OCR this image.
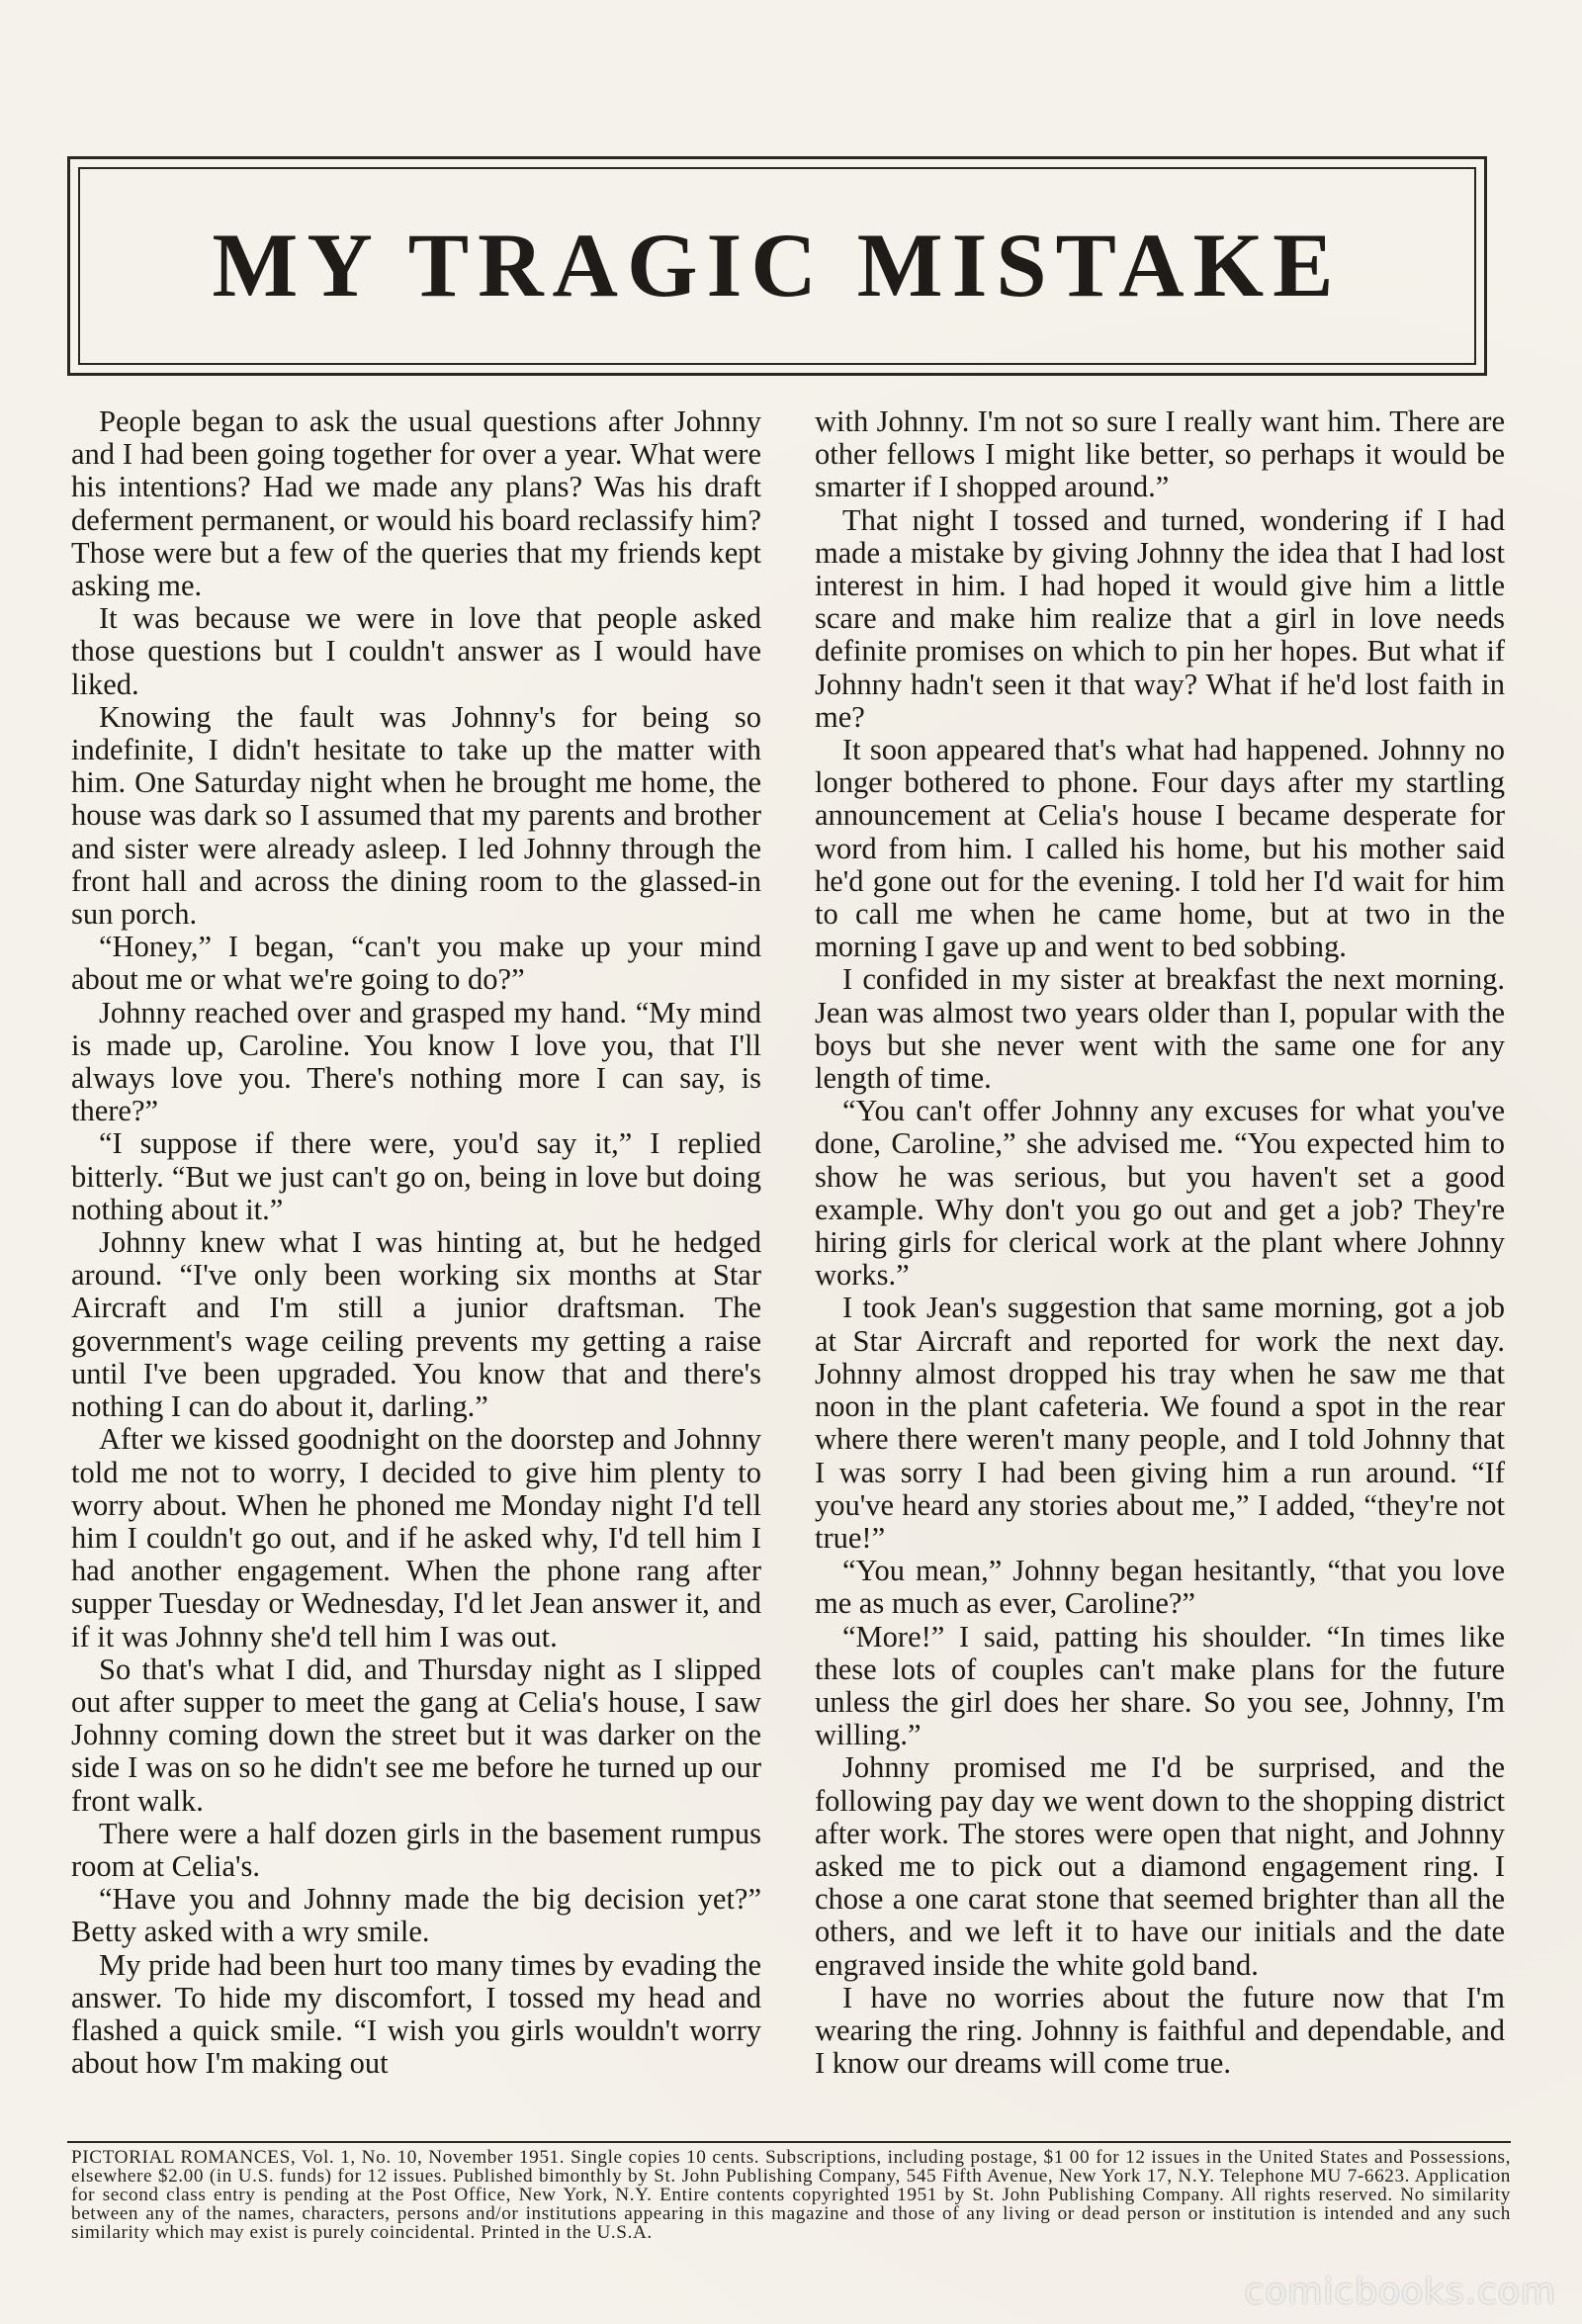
MY TRAGIC MISTAKE

People began to ask the usual questions after Johnny and I had been going together for over a year. What were his intentions? Had we made any plans? Was his draft deferment permanent, or would his board reclassify him? Those were but a few of the queries that my friends kept asking me.

It was because we were in love that people asked those questions but I couldn't answer as I would have liked.

Knowing the fault was Johnny's for being so indefinite, I didn't hesitate to take up the matter with him. One Saturday night when he brought me home, the house was dark so I assumed that my parents and brother and sister were already asleep. I led Johnny through the front hall and across the dining room to the glassed-in sun porch.

“Honey,” I began, “can't you make up your mind about me or what we're going to do?”

Johnny reached over and grasped my hand. “My mind is made up, Caroline. You know I love you, that I'll always love you. There's nothing more I can say, is there?”

“I suppose if there were, you'd say it,” I replied bitterly. “But we just can't go on, being in love but doing nothing about it.”

Johnny knew what I was hinting at, but he hedged around. “I've only been working six months at Star Aircraft and I'm still a junior draftsman. The government's wage ceiling prevents my getting a raise until I've been upgraded. You know that and there's nothing I can do about it, darling.”

After we kissed goodnight on the doorstep and Johnny told me not to worry, I decided to give him plenty to worry about. When he phoned me Monday night I'd tell him I couldn't go out, and if he asked why, I'd tell him I had another engagement. When the phone rang after supper Tuesday or Wednesday, I'd let Jean answer it, and if it was Johnny she'd tell him I was out.

So that's what I did, and Thursday night as I slipped out after supper to meet the gang at Celia's house, I saw Johnny coming down the street but it was darker on the side I was on so he didn't see me before he turned up our front walk.

There were a half dozen girls in the basement rumpus room at Celia's.

“Have you and Johnny made the big decision yet?” Betty asked with a wry smile.

My pride had been hurt too many times by evading the answer. To hide my discomfort, I tossed my head and flashed a quick smile. “I wish you girls wouldn't worry about how I'm making out

with Johnny. I'm not so sure I really want him. There are other fellows I might like better, so perhaps it would be smarter if I shopped around.”

That night I tossed and turned, wondering if I had made a mistake by giving Johnny the idea that I had lost interest in him. I had hoped it would give him a little scare and make him realize that a girl in love needs definite promises on which to pin her hopes. But what if Johnny hadn't seen it that way? What if he'd lost faith in me?

It soon appeared that's what had happened. Johnny no longer bothered to phone. Four days after my startling announcement at Celia's house I became desperate for word from him. I called his home, but his mother said he'd gone out for the evening. I told her I'd wait for him to call me when he came home, but at two in the morning I gave up and went to bed sobbing.

I confided in my sister at breakfast the next morning. Jean was almost two years older than I, popular with the boys but she never went with the same one for any length of time.

“You can't offer Johnny any excuses for what you've done, Caroline,” she advised me. “You expected him to show he was serious, but you haven't set a good example. Why don't you go out and get a job? They're hiring girls for clerical work at the plant where Johnny works.”

I took Jean's suggestion that same morning, got a job at Star Aircraft and reported for work the next day. Johnny almost dropped his tray when he saw me that noon in the plant cafeteria. We found a spot in the rear where there weren't many people, and I told Johnny that I was sorry I had been giving him a run around. “If you've heard any stories about me,” I added, “they're not true!”

“You mean,” Johnny began hesitantly, “that you love me as much as ever, Caroline?”

“More!” I said, patting his shoulder. “In times like these lots of couples can't make plans for the future unless the girl does her share. So you see, Johnny, I'm willing.”

Johnny promised me I'd be surprised, and the following pay day we went down to the shopping district after work. The stores were open that night, and Johnny asked me to pick out a diamond engagement ring. I chose a one carat stone that seemed brighter than all the others, and we left it to have our initials and the date engraved inside the white gold band.

I have no worries about the future now that I'm wearing the ring. Johnny is faithful and dependable, and I know our dreams will come true.

PICTORIAL ROMANCES, Vol. 1, No. 10, November 1951. Single copies 10 cents. Subscriptions, including postage, $1 00 for 12 issues in the United States and Possessions, elsewhere $2.00 (in U.S. funds) for 12 issues. Published bimonthly by St. John Publishing Company, 545 Fifth Avenue, New York 17, N.Y. Telephone MU 7-6623. Application for second class entry is pending at the Post Office, New York, N.Y. Entire contents copyrighted 1951 by St. John Publishing Company. All rights reserved. No similarity between any of the names, characters, persons and/or institutions appearing in this magazine and those of any living or dead person or institution is intended and any such similarity which may exist is purely coincidental. Printed in the U.S.A.

comicbooks.com
